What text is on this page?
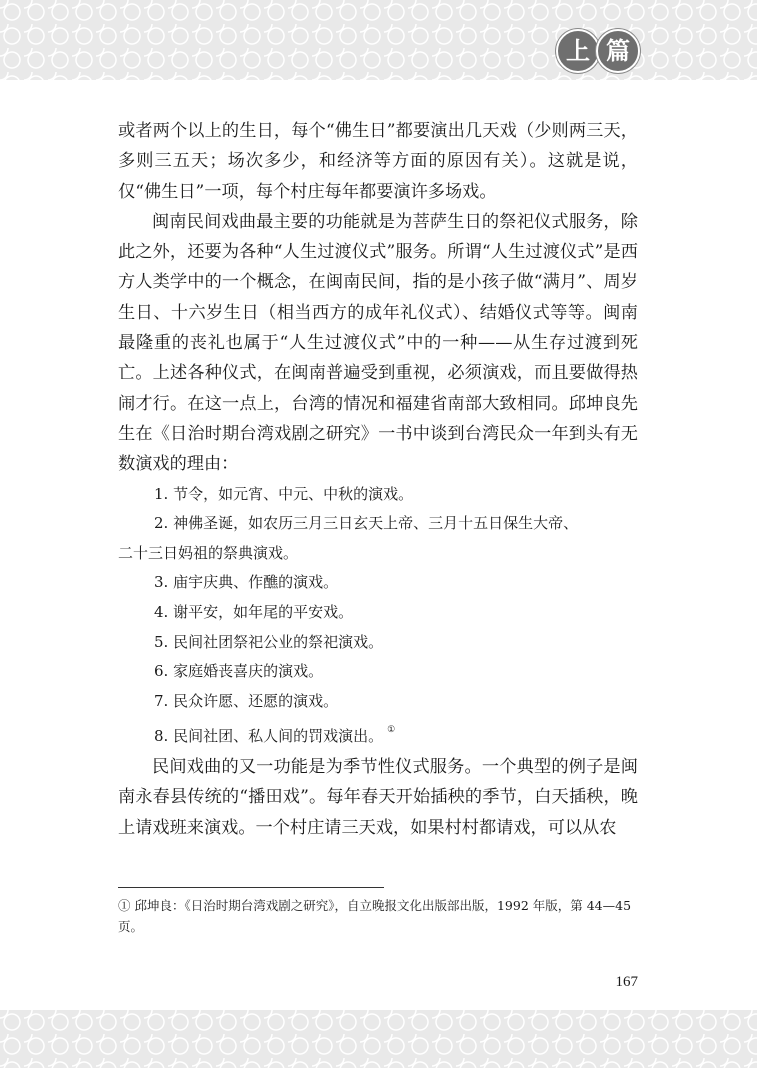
上 篇

或者两个以上的生日，每个“佛生日”都要演出几天戏（少则两三天，多则三五天；场次多少，和经济等方面的原因有关）。这就是说，仅“佛生日”一项，每个村庄每年都要演许多场戏。

闽南民间戏曲最主要的功能就是为菩萨生日的祭祀仪式服务，除此之外，还要为各种“人生过渡仪式”服务。所谓“人生过渡仪式”是西方人类学中的一个概念，在闽南民间，指的是小孩子做“满月”、周岁生日、十六岁生日（相当西方的成年礼仪式）、结婚仪式等等。闽南最隆重的丧礼也属于“人生过渡仪式”中的一种——从生存过渡到死亡。上述各种仪式，在闽南普遍受到重视，必须演戏，而且要做得热闹才行。在这一点上，台湾的情况和福建省南部大致相同。邱坤良先生在《日治时期台湾戏剧之研究》一书中谈到台湾民众一年到头有无数演戏的理由：

1. 节令，如元宵、中元、中秋的演戏。
2. 神佛圣诞，如农历三月三日玄天上帝、三月十五日保生大帝、
二十三日妈祖的祭典演戏。
3. 庙宇庆典、作醮的演戏。
4. 谢平安，如年尾的平安戏。
5. 民间社团祭祀公业的祭祀演戏。
6. 家庭婚丧喜庆的演戏。
7. 民众许愿、还愿的演戏。
8. 民间社团、私人间的罚戏演出。 ①

民间戏曲的又一功能是为季节性仪式服务。一个典型的例子是闽南永春县传统的“播田戏”。每年春天开始插秧的季节，白天插秧，晚上请戏班来演戏。一个村庄请三天戏，如果村村都请戏，可以从农

① 邱坤良：《日治时期台湾戏剧之研究》，自立晚报文化出版部出版，1992 年版，第 44—45 页。
167
